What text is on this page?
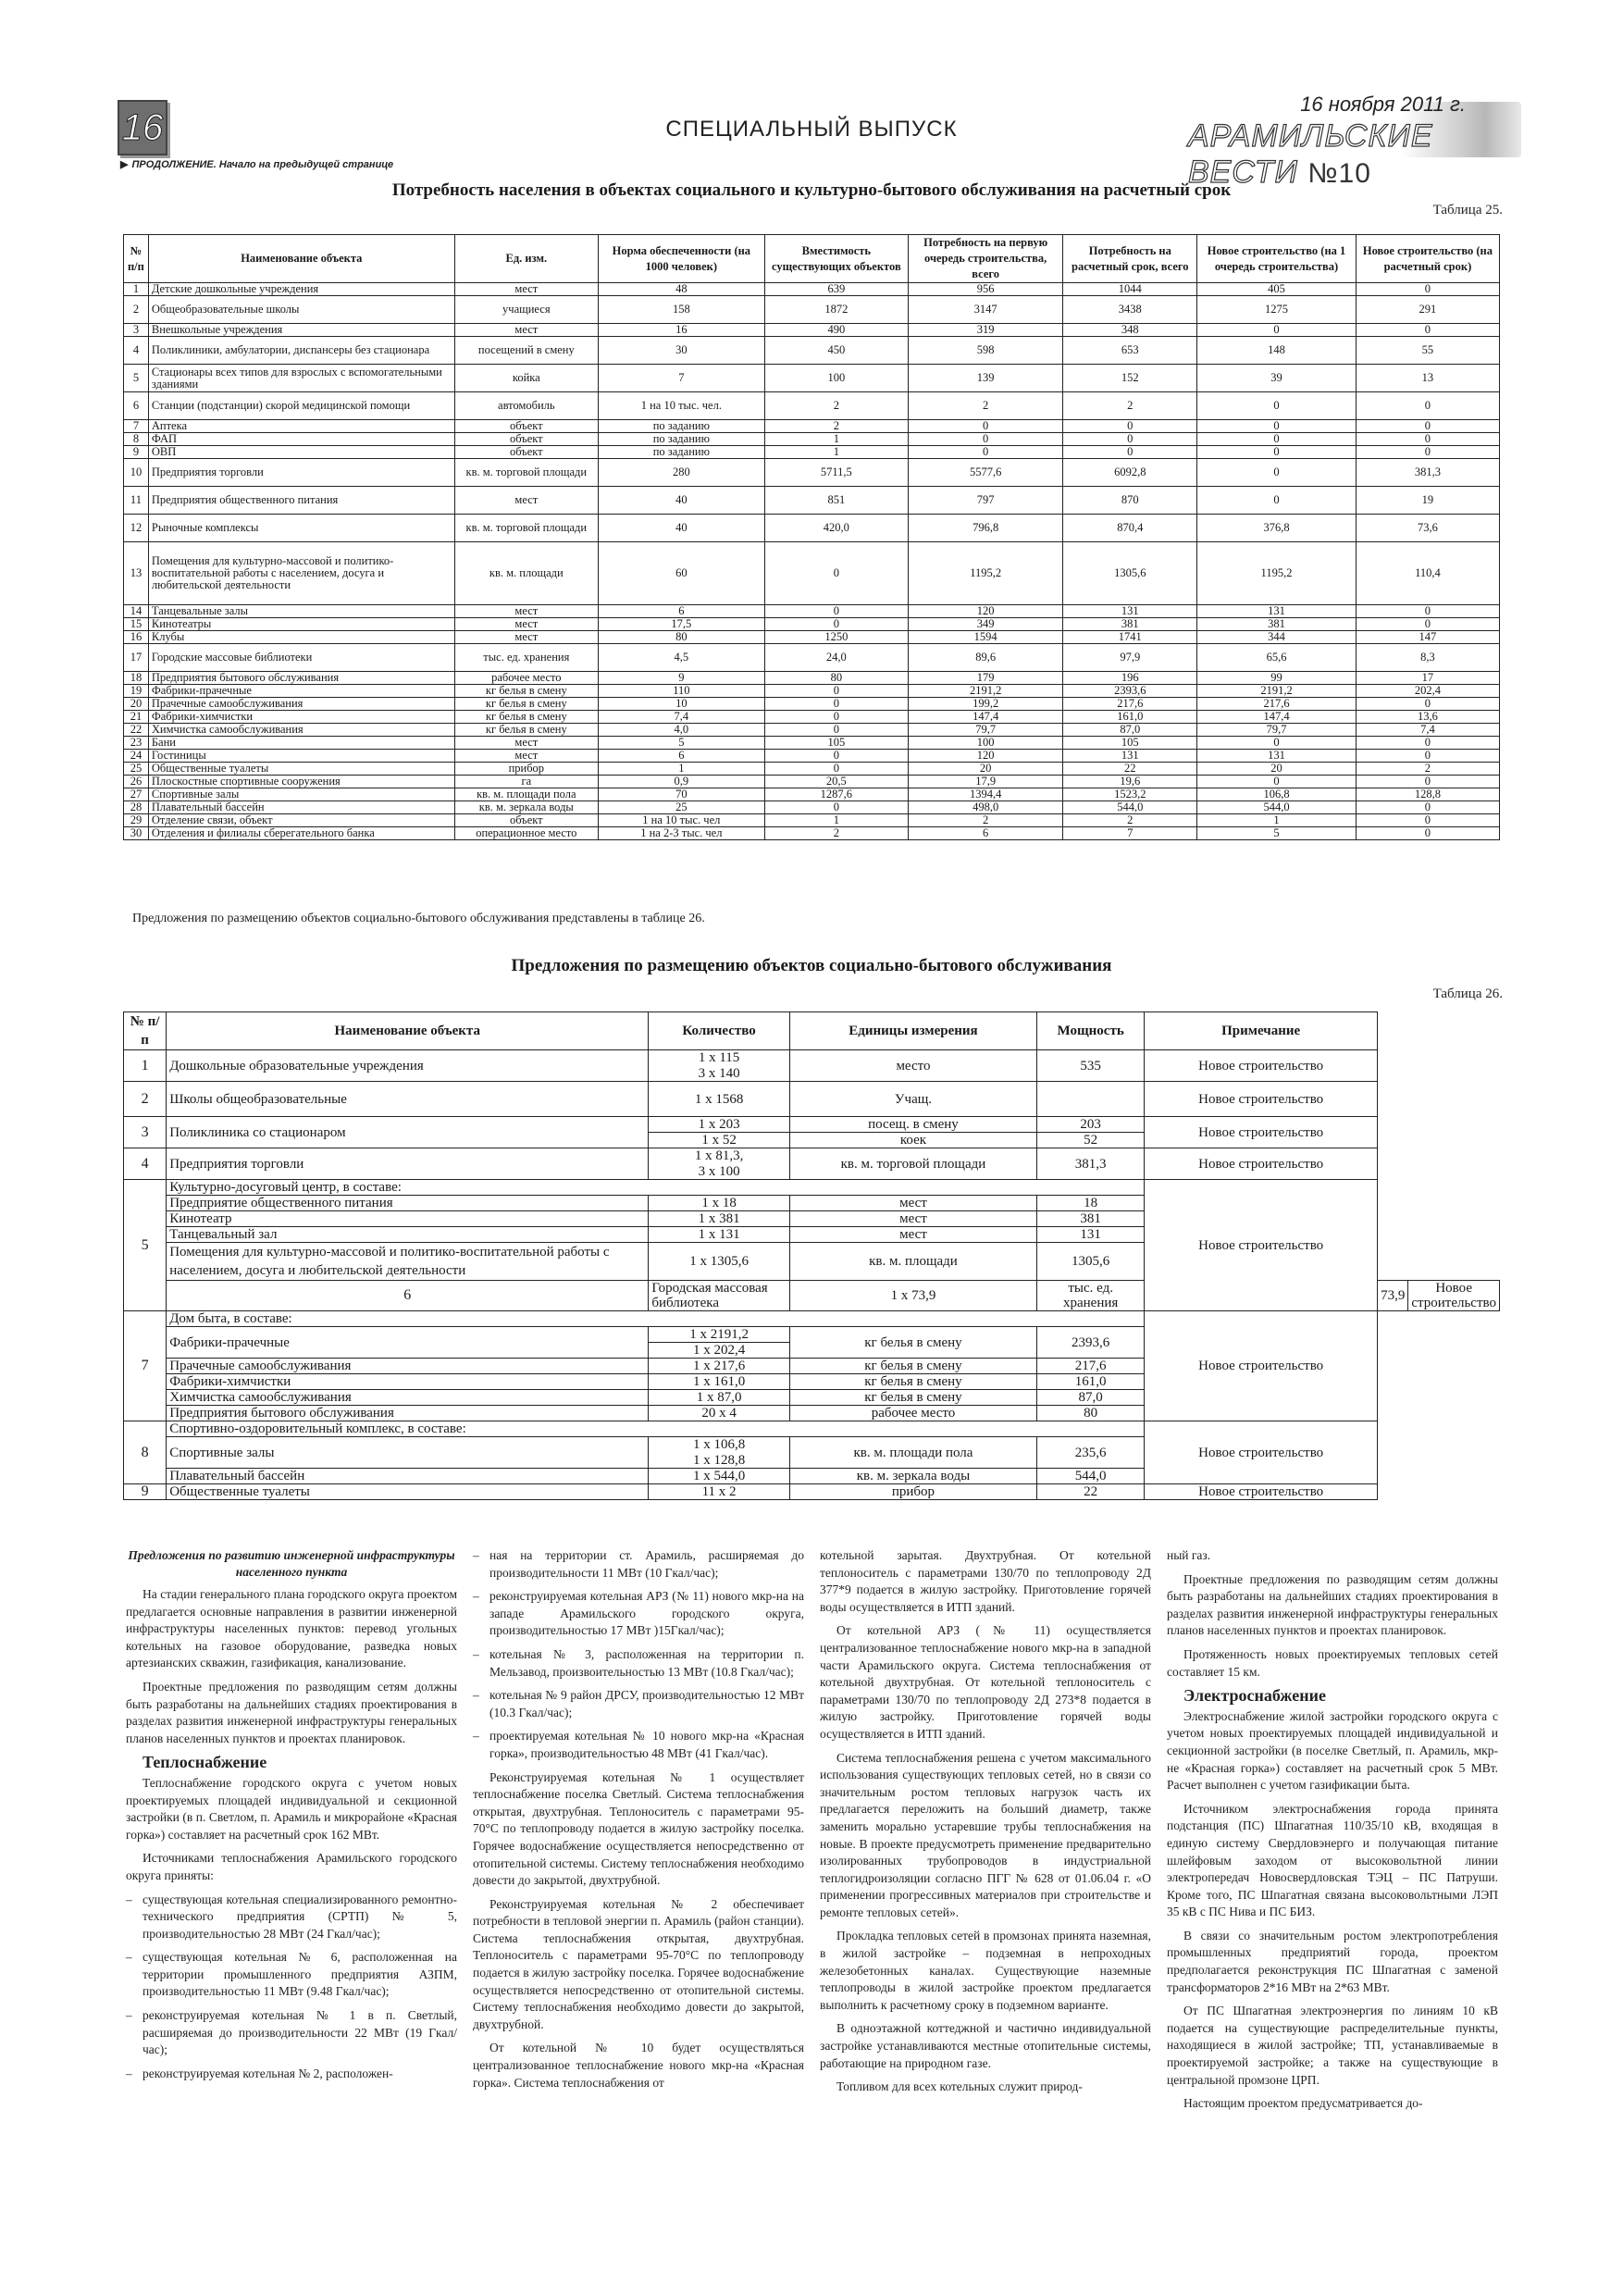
16	СПЕЦИАЛЬНЫЙ ВЫПУСК
16 ноября 2011 г.
АРАМИЛЬСКИЕ ВЕСТИ №10
▶ ПРОДОЛЖЕНИЕ. Начало на предыдущей странице
Потребность населения в объектах социального и культурно-бытового обслуживания на расчетный срок
Таблица 25.
№ п/п	Наименование объекта	Ед. изм.	Норма обеспеченности (на 1000 человек)	Вместимость существующих объектов	Потребность на первую очередь строительства, всего	Потребность на расчетный срок, всего	Новое строительство (на 1 очередь строительства)	Новое строительство (на расчетный срок)
1	Детские дошкольные учреждения	мест	48	639	956	1044	405	0
2	Общеобразовательные школы	учащиеся	158	1872	3147	3438	1275	291
3	Внешкольные учреждения	мест	16	490	319	348	0	0
4	Поликлиники, амбулатории, диспансеры без стационара	посещений в смену	30	450	598	653	148	55
5	Стационары всех типов для взрослых с вспомогательными зданиями	койка	7	100	139	152	39	13
6	Станции (подстанции) скорой медицинской помощи	автомобиль	1 на 10 тыс. чел.	2	2	2	0	0
7	Аптека	объект	по заданию	2	0	0	0	0
8	ФАП	объект	по заданию	1	0	0	0	0
9	ОВП	объект	по заданию	1	0	0	0	0
10	Предприятия торговли	кв. м. торговой площади	280	5711,5	5577,6	6092,8	0	381,3
11	Предприятия общественного питания	мест	40	851	797	870	0	19
12	Рыночные комплексы	кв. м. торговой площади	40	420,0	796,8	870,4	376,8	73,6
13	Помещения для культурно-массовой и политико-воспитательной работы с населением, досуга и любительской деятельности	кв. м. площади	60	0	1195,2	1305,6	1195,2	110,4
14	Танцевальные залы	мест	6	0	120	131	131	0
15	Кинотеатры	мест	17,5	0	349	381	381	0
16	Клубы	мест	80	1250	1594	1741	344	147
17	Городские массовые библиотеки	тыс. ед. хранения	4,5	24,0	89,6	97,9	65,6	8,3
18	Предприятия бытового обслуживания	рабочее место	9	80	179	196	99	17
19	Фабрики-прачечные	кг белья в смену	110	0	2191,2	2393,6	2191,2	202,4
20	Прачечные самообслуживания	кг белья в смену	10	0	199,2	217,6	217,6	0
21	Фабрики-химчистки	кг белья в смену	7,4	0	147,4	161,0	147,4	13,6
22	Химчистка самообслуживания	кг белья в смену	4,0	0	79,7	87,0	79,7	7,4
23	Бани	мест	5	105	100	105	0	0
24	Гостиницы	мест	6	0	120	131	131	0
25	Общественные туалеты	прибор	1	0	20	22	20	2
26	Плоскостные спортивные сооружения	га	0,9	20,5	17,9	19,6	0	0
27	Спортивные залы	кв. м. площади пола	70	1287,6	1394,4	1523,2	106,8	128,8
28	Плавательный бассейн	кв. м. зеркала воды	25	0	498,0	544,0	544,0	0
29	Отделение связи, объект	объект	1 на 10 тыс. чел	1	2	2	1	0
30	Отделения и филиалы сберегательного банка	операционное место	1 на 2-3 тыс. чел	2	6	7	5	0
Предложения по размещению объектов социально-бытового обслуживания представлены в таблице 26.
Предложения по размещению объектов социально-бытового обслуживания
Таблица 26.
№ п/п	Наименование объекта	Количество	Единицы измерения	Мощность	Примечание		
1	Дошкольные образовательные учреждения	1 х 115	место	535	Новое строительство		
		3 х 140					
2	Школы общеобразовательные	1 х 1568	Учащ.		Новое строительство		
3	Поликлиника со стационаром	1 х 203	посещ. в смену	203	Новое строительство		
		1 х 52	коек	52			
4	Предприятия торговли	1 х 81,3,	кв. м. торговой площади	381,3	Новое строительство		
		3 х 100					
5	Культурно-досуговый центр, в составе:				Новое строительство		
	Предприятие общественного питания	1 х 18	мест	18			
	Кинотеатр	1 х 381	мест	381			
	Танцевальный зал	1 х 131	мест	131			
	Помещения для культурно-массовой и политико-воспитательной работы с населением, досуга и любительской деятельности	1 х 1305,6	кв. м. площади	1305,6			
	6	Городская массовая библиотека	1 х 73,9	тыс. ед. хранения		73,9	Новое строительство
7	Дом быта, в составе:				Новое строительство		
	Фабрики-прачечные	1 х 2191,2	кг белья в смену	2393,6			
		1 х 202,4					
	Прачечные самообслуживания	1 х 217,6	кг белья в смену	217,6			
	Фабрики-химчистки	1 х 161,0	кг белья в смену	161,0			
	Химчистка самообслуживания	1 х 87,0	кг белья в смену	87,0			
	Предприятия бытового обслуживания	20 х 4	рабочее место	80			
8	Спортивно-оздоровительный комплекс, в составе:				Новое строительство		
	Спортивные залы	1 х 106,8	кв. м. площади пола	235,6			
		1 х 128,8					
	Плавательный бассейн	1 х 544,0	кв. м. зеркала воды	544,0			
9	Общественные туалеты	11 х 2	прибор	22	Новое строительство		
Предложения по развитию инженерной инфраструктуры населенного пункта

На стадии генерального плана городского округа проектом предлагается основные направления в развитии инженерной инфраструктуры населенных пунктов: перевод угольных котельных на газовое оборудование, разведка новых артезианских скважин, газификация, канализование.

Проектные предложения по разводящим сетям должны быть разработаны на дальнейших стадиях проектирования в разделах развития инженерной инфраструктуры генеральных планов населенных пунктов и проектах планировок.

Теплоснабжение

Теплоснабжение городского округа с учетом новых проектируемых площадей индивидуальной и секционной застройки (в п. Светлом, п. Арамиль и микрорайоне «Красная горка») составляет на расчетный срок 162 МВт.

Источниками теплоснабжения Арамильского городского округа приняты:

– существующая котельная специализированного ремонтно-технического предприятия (СРТП) № 5, производительностью 28 МВт (24 Гкал/час);
– существующая котельная № 6, расположенная на территории промышленного предприятия АЗПМ, производительностью 11 МВт (9.48 Гкал/час);
– реконструируемая котельная № 1 в п. Светлый, расширяемая до производительности 22 МВт (19 Гкал/час);
– реконструируемая котельная № 2, расположен-
– ная на территории ст. Арамиль, расширяемая до производительности 11 МВт (10 Гкал/час);
– реконструируемая котельная АРЗ (№ 11) нового мкр-на на западе Арамильского городского округа, производительностью 17 МВт )15Гкал/час);
– котельная № 3, расположенная на территории п. Мельзавод, произвоительностью 13 МВт (10.8 Гкал/час);
– котельная № 9 район ДРСУ, производительностью 12 МВт (10.3 Гкал/час);
– проектируемая котельная № 10 нового мкр-на «Красная горка», производительностью 48 МВт (41 Гкал/час).

Реконструируемая котельная № 1 осуществляет теплоснабжение поселка Светлый. Система теплоснабжения открытая, двухтрубная. Теплоноситель с параметрами 95-70°С по теплопроводу подается в жилую застройку поселка. Горячее водоснабжение осуществляется непосредственно от отопительной системы. Систему теплоснабжения необходимо довести до закрытой, двухтрубной.

Реконструируемая котельная № 2 обеспечивает потребности в тепловой энергии п. Арамиль (район станции). Система теплоснабжения открытая, двухтрубная. Теплоноситель с параметрами 95-70°С по теплопроводу подается в жилую застройку поселка. Горячее водоснабжение осуществляется непосредственно от отопительной системы. Систему теплоснабжения необходимо довести до закрытой, двухтрубной.

От котельной № 10 будет осуществляться централизованное теплоснабжение нового мкр-на «Красная горка». Система теплоснабжения от

котельной зарытая. Двухтрубная. От котельной теплоноситель с параметрами 130/70 по теплопроводу 2Д 377*9 подается в жилую застройку. Приготовление горячей воды осуществляется в ИТП зданий.

От котельной АРЗ (№ 11) осуществляется централизованное теплоснабжение нового мкр-на в западной части Арамильского округа. Система теплоснабжения от котельной двухтрубная. От котельной теплоноситель с параметрами 130/70 по теплопроводу 2Д 273*8 подается в жилую застройку. Приготовление горячей воды осуществляется в ИТП зданий.

Система теплоснабжения решена с учетом максимального использования существующих тепловых сетей, но в связи со значительным ростом тепловых нагрузок часть их предлагается переложить на больший диаметр, также заменить морально устаревшие трубы теплоснабжения на новые. В проекте предусмотреть применение предварительно изолированных трубопроводов в индустриальной теплогидроизоляции согласно ПГГ № 628 от 01.06.04 г. «О применении прогрессивных материалов при строительстве и ремонте тепловых сетей».

Прокладка тепловых сетей в промзонах принята наземная, в жилой застройке – подземная в непроходных железобетонных каналах. Существующие наземные теплопроводы в жилой застройке проектом предлагается выполнить к расчетному сроку в подземном варианте.

В одноэтажной коттеджной и частично индивидуальной застройке устанавливаются местные отопительные системы, работающие на природном газе.

Топливом для всех котельных служит природ-

ный газ.

Проектные предложения по разводящим сетям должны быть разработаны на дальнейших стадиях проектирования в разделах развития инженерной инфраструктуры генеральных планов населенных пунктов и проектах планировок.

Протяженность новых проектируемых тепловых сетей составляет 15 км.

Электроснабжение

Электроснабжение жилой застройки городского округа с учетом новых проектируемых площадей индивидуальной и секционной застройки (в поселке Светлый, п. Арамиль, мкр-не «Красная горка») составляет на расчетный срок 5 МВт. Расчет выполнен с учетом газификации быта.

Источником электроснабжения города принята подстанция (ПС) Шпагатная 110/35/10 кВ, входящая в единую систему Свердловэнерго и получающая питание шлейфовым заходом от высоковольтной линии электропередач Новосвердловская ТЭЦ – ПС Патруши. Кроме того, ПС Шпагатная связана высоковольтными ЛЭП 35 кВ с ПС Нива и ПС БИЗ.

В связи со значительным ростом электропотребления промышленных предприятий города, проектом предполагается реконструкция ПС Шпагатная с заменой трансформаторов 2*16 МВт на 2*63 МВт.

От ПС Шпагатная электроэнергия по линиям 10 кВ подается на существующие распределительные пункты, находящиеся в жилой застройке; ТП, устанавливаемые в проектируемой застройке; а также на существующие в центральной промзоне ЦРП.

Настоящим проектом предусматривается до-
